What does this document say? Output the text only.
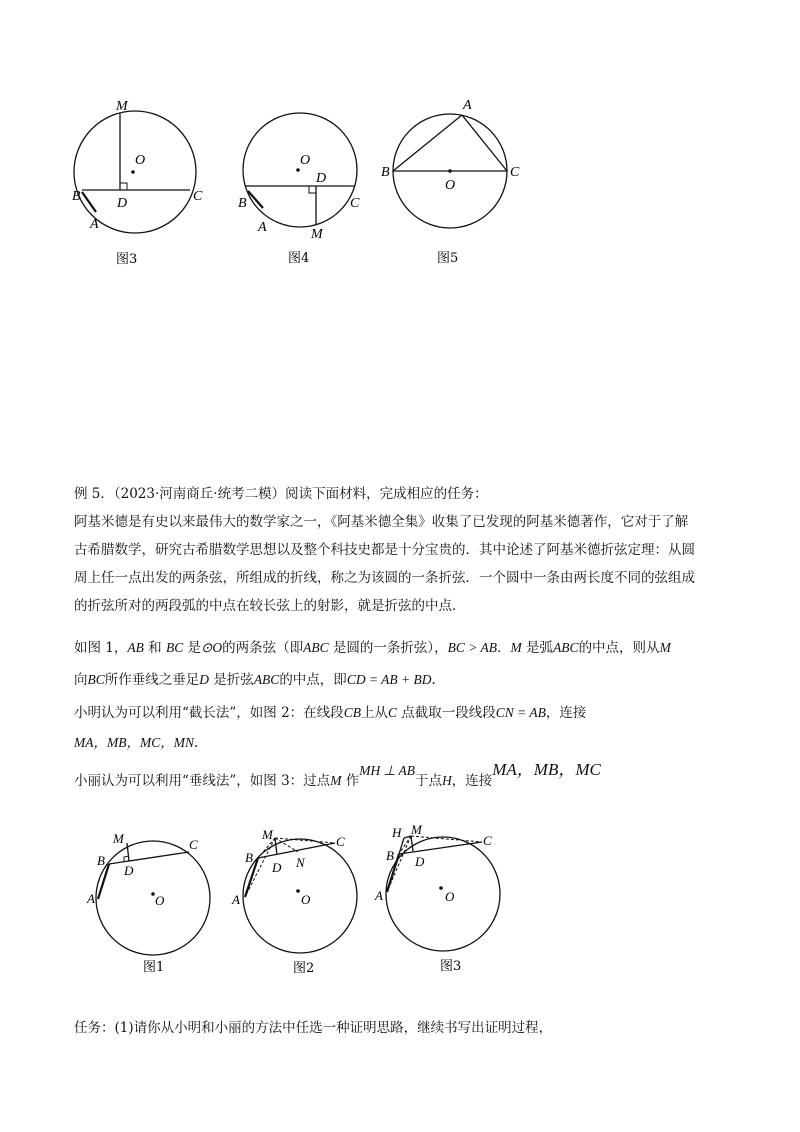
M
O
B	D	C
A
图3
O
D
B	C
A	M
图4
A
B
O
C
图5
例 5．（2023·河南商丘·统考二模）阅读下面材料，完成相应的任务：
阿基米德是有史以来最伟大的数学家之一，《阿基米德全集》收集了已发现的阿基米德著作，它对于了解
古希腊数学，研究古希腊数学思想以及整个科技史都是十分宝贵的．其中论述了阿基米德折弦定理：从圆
周上任一点出发的两条弦，所组成的折线，称之为该圆的一条折弦．一个圆中一条由两长度不同的弦组成
的折弦所对的两段弧的中点在较长弦上的射影，就是折弦的中点．
如图 1，AB 和 BC 是⊙O的两条弦（即ABC 是圆的一条折弦），BC > AB．M 是弧ABC的中点，则从M
向BC所作垂线之垂足D 是折弦ABC的中点，即CD = AB + BD.
小明认为可以利用“截长法”，如图 2：在线段CB上从C 点截取一段线段CN = AB，连接
MA，MB，MC，MN.
小丽认为可以利用“垂线法”，如图 3：过点M 作MH ⊥ AB于点H，连接MA，MB，MC
M	C
B
D
A	O
图1
M	C
B
D N
A	O
图2
H M
C
B D
A	O
图3
任务：(1)请你从小明和小丽的方法中任选一种证明思路，继续书写出证明过程，
